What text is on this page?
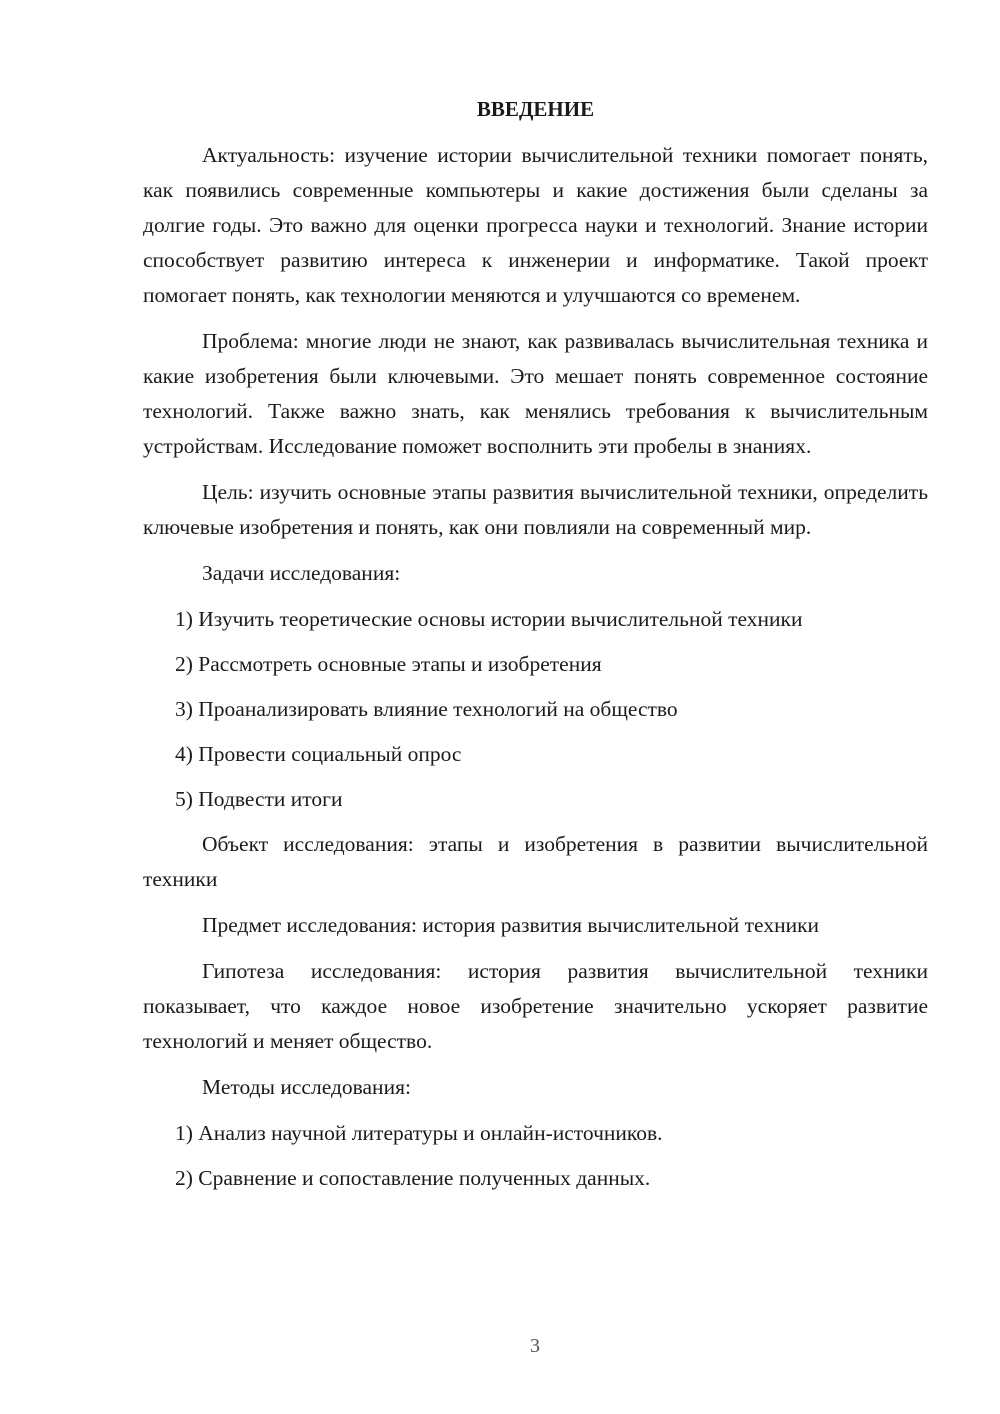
ВВЕДЕНИЕ

Актуальность: изучение истории вычислительной техники помогает понять, как появились современные компьютеры и какие достижения были сделаны за долгие годы. Это важно для оценки прогресса науки и технологий. Знание истории способствует развитию интереса к инженерии и информатике. Такой проект помогает понять, как технологии меняются и улучшаются со временем.

Проблема: многие люди не знают, как развивалась вычислительная техника и какие изобретения были ключевыми. Это мешает понять современное состояние технологий. Также важно знать, как менялись требования к вычислительным устройствам. Исследование поможет восполнить эти пробелы в знаниях.

Цель: изучить основные этапы развития вычислительной техники, определить ключевые изобретения и понять, как они повлияли на современный мир.

Задачи исследования:

1) Изучить теоретические основы истории вычислительной техники
2) Рассмотреть основные этапы и изобретения
3) Проанализировать влияние технологий на общество
4) Провести социальный опрос
5) Подвести итоги

Объект исследования: этапы и изобретения в развитии вычислительной техники

Предмет исследования: история развития вычислительной техники

Гипотеза исследования: история развития вычислительной техники показывает, что каждое новое изобретение значительно ускоряет развитие технологий и меняет общество.

Методы исследования:

1) Анализ научной литературы и онлайн-источников.
2) Сравнение и сопоставление полученных данных.
3
